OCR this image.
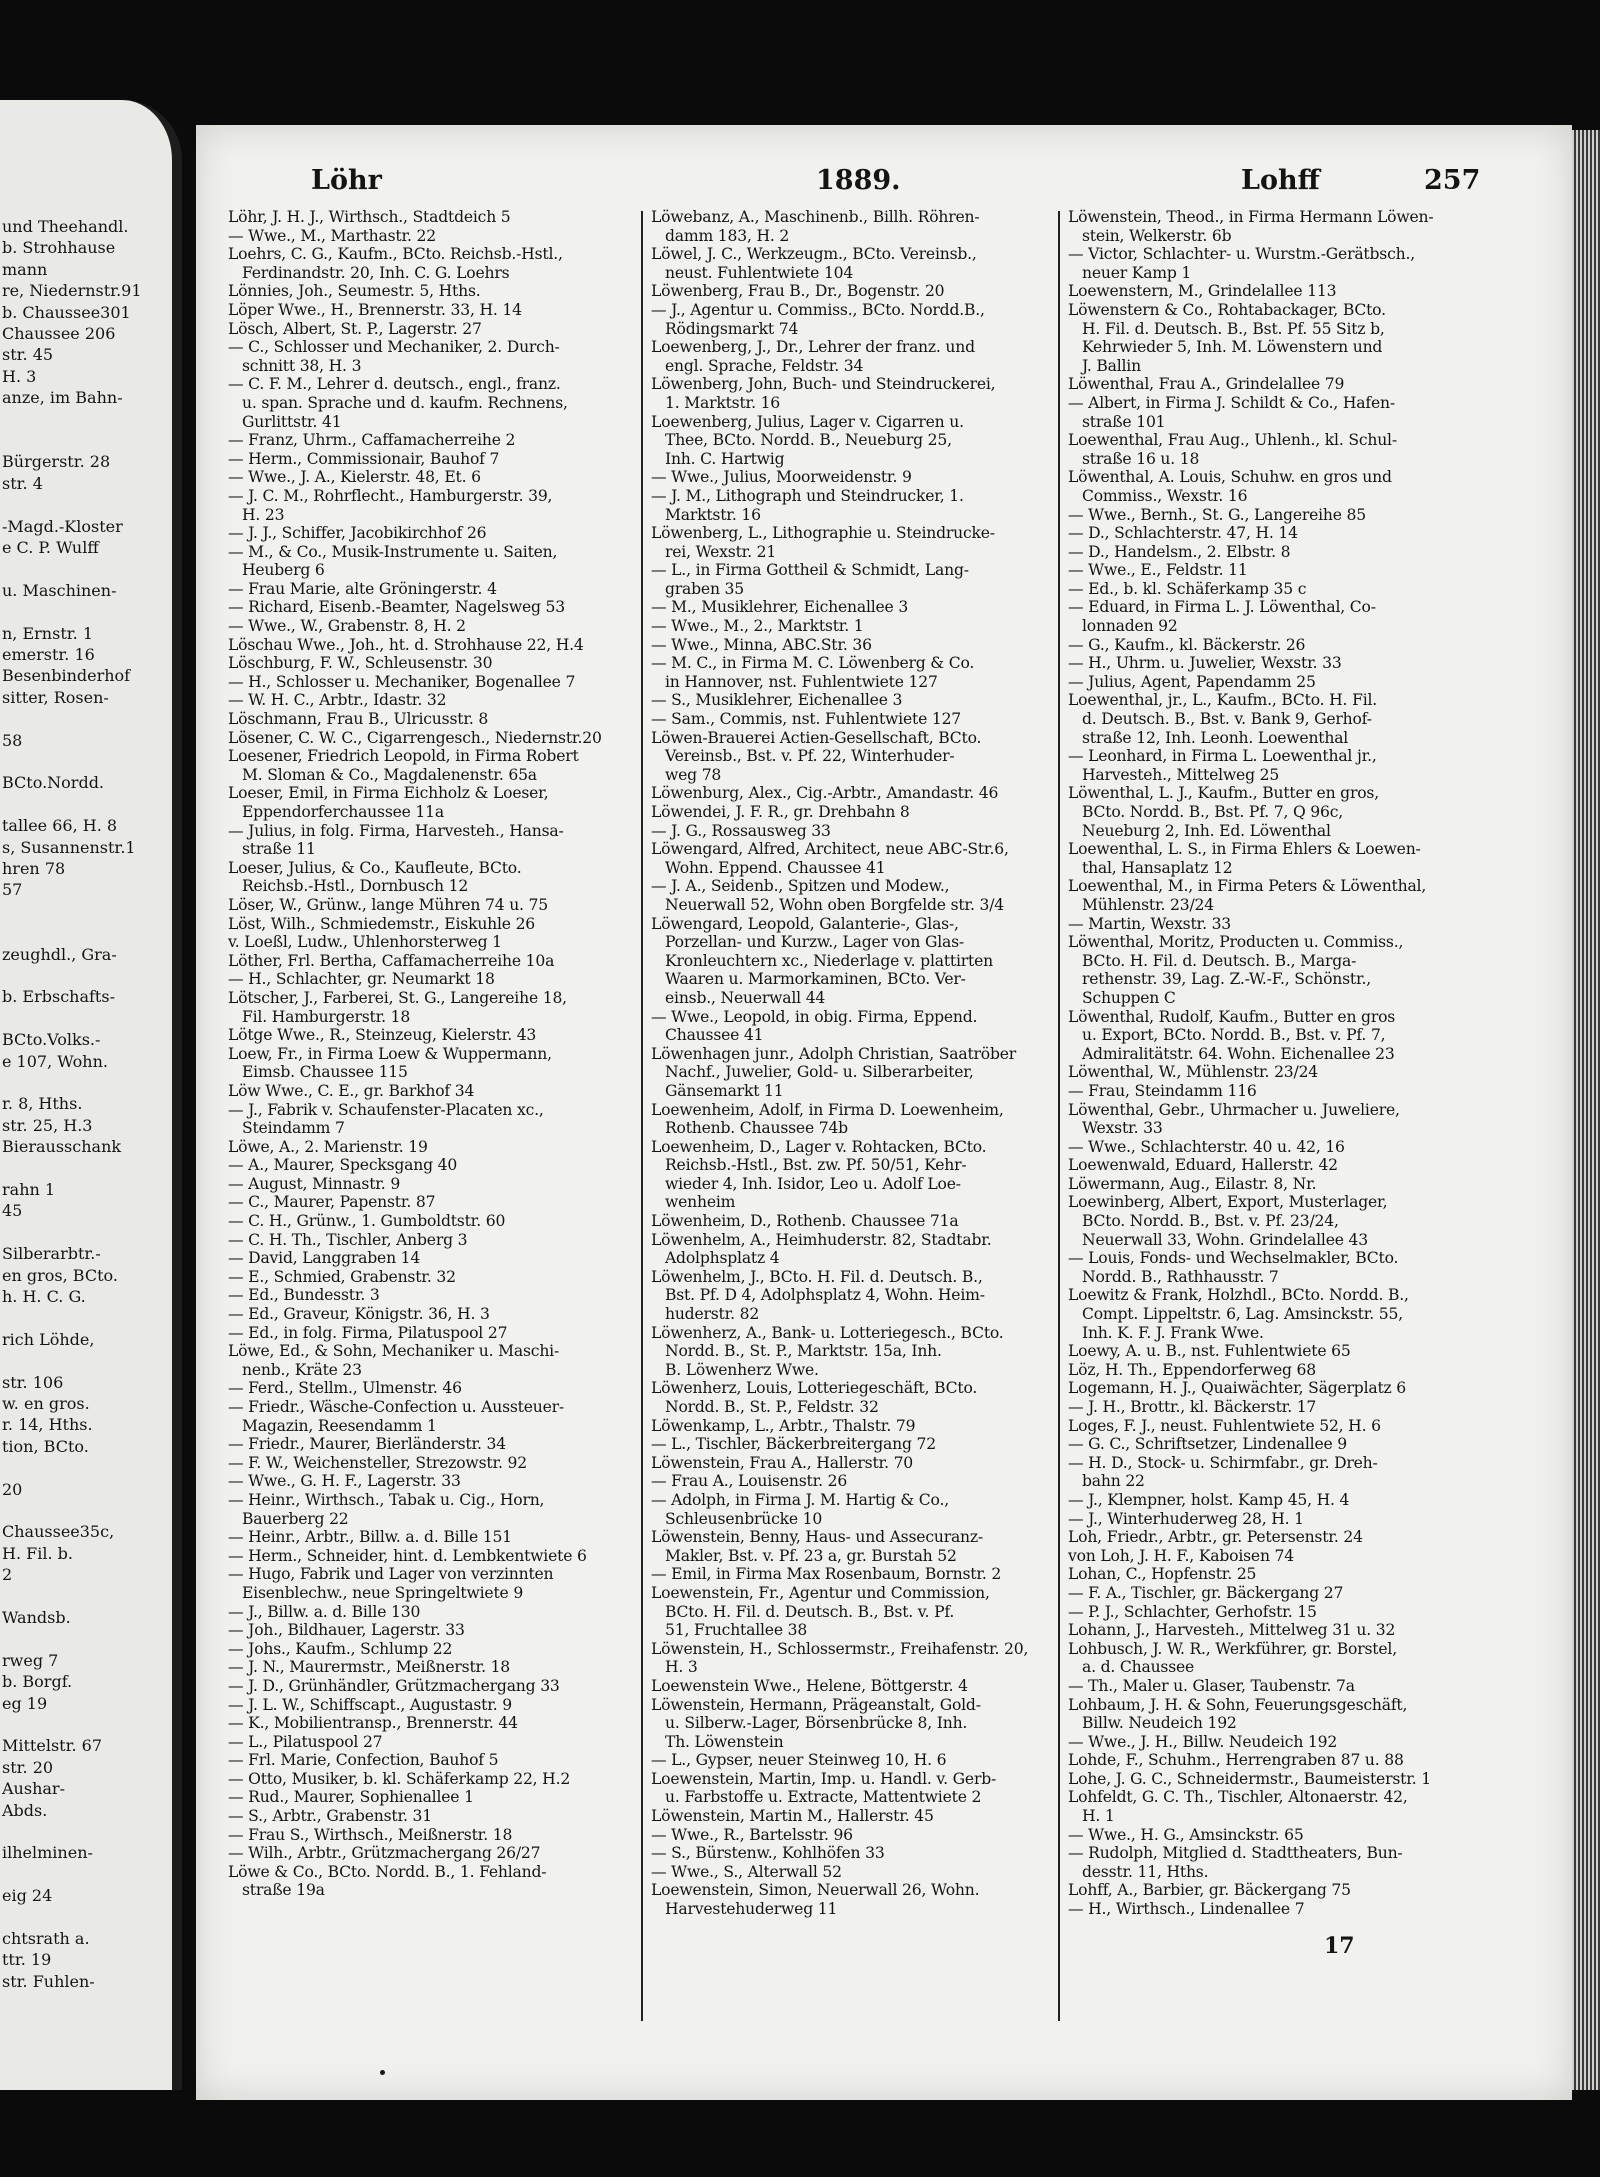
und Theehandl.
b. Strohhause
mann
re, Niedernstr.91
b. Chaussee301
Chaussee 206
str. 45
H. 3
anze, im Bahn-
Bürgerstr. 28
str. 4
-Magd.-Kloster
e C. P. Wulff
u. Maschinen-
n, Ernstr. 1
emerstr. 16
Besenbinderhof
sitter, Rosen-
58
BCto.Nordd.
tallee 66, H. 8
s, Susannenstr.1
hren 78
57
zeughdl., Gra-
b. Erbschafts-
BCto.Volks.-
e 107, Wohn.
r. 8, Hths.
str. 25, H.3
Bierausschank
rahn 1
45
Silberarbtr.-
en gros, BCto.
h. H. C. G.
rich Löhde,
str. 106
w. en gros.
r. 14, Hths.
tion, BCto.
20
Chaussee35c,
H. Fil. b.
2
Wandsb.
rweg 7
b. Borgf.
eg 19
Mittelstr. 67
str. 20
Aushar-
Abds.
ilhelminen-
eig 24
chtsrath a.
ttr. 19
str. Fuhlen-
Löhr	1889.	Lohff	257
Löhr, J. H. J., Wirthsch., Stadtdeich 5
— Wwe., M., Marthastr. 22
Loehrs, C. G., Kaufm., BCto. Reichsb.-Hstl.,
Ferdinandstr. 20, Inh. C. G. Loehrs
Lönnies, Joh., Seumestr. 5, Hths.
Löper Wwe., H., Brennerstr. 33, H. 14
Lösch, Albert, St. P., Lagerstr. 27
— C., Schlosser und Mechaniker, 2. Durch-
schnitt 38, H. 3
— C. F. M., Lehrer d. deutsch., engl., franz.
u. span. Sprache und d. kaufm. Rechnens,
Gurlittstr. 41
— Franz, Uhrm., Caffamacherreihe 2
— Herm., Commissionair, Bauhof 7
— Wwe., J. A., Kielerstr. 48, Et. 6
— J. C. M., Rohrflecht., Hamburgerstr. 39,
H. 23
— J. J., Schiffer, Jacobikirchhof 26
— M., & Co., Musik-Instrumente u. Saiten,
Heuberg 6
— Frau Marie, alte Gröningerstr. 4
— Richard, Eisenb.-Beamter, Nagelsweg 53
— Wwe., W., Grabenstr. 8, H. 2
Löschau Wwe., Joh., ht. d. Strohhause 22, H.4
Löschburg, F. W., Schleusenstr. 30
— H., Schlosser u. Mechaniker, Bogenallee 7
— W. H. C., Arbtr., Idastr. 32
Löschmann, Frau B., Ulricusstr. 8
Lösener, C. W. C., Cigarrengesch., Niedernstr.20
Loesener, Friedrich Leopold, in Firma Robert
M. Sloman & Co., Magdalenenstr. 65a
Loeser, Emil, in Firma Eichholz & Loeser,
Eppendorferchaussee 11a
— Julius, in folg. Firma, Harvesteh., Hansa-
straße 11
Loeser, Julius, & Co., Kaufleute, BCto.
Reichsb.-Hstl., Dornbusch 12
Löser, W., Grünw., lange Mühren 74 u. 75
Löst, Wilh., Schmiedemstr., Eiskuhle 26
v. Loeßl, Ludw., Uhlenhorsterweg 1
Löther, Frl. Bertha, Caffamacherreihe 10a
— H., Schlachter, gr. Neumarkt 18
Lötscher, J., Farberei, St. G., Langereihe 18,
Fil. Hamburgerstr. 18
Lötge Wwe., R., Steinzeug, Kielerstr. 43
Loew, Fr., in Firma Loew & Wuppermann,
Eimsb. Chaussee 115
Löw Wwe., C. E., gr. Barkhof 34
— J., Fabrik v. Schaufenster-Placaten xc.,
Steindamm 7
Löwe, A., 2. Marienstr. 19
— A., Maurer, Specksgang 40
— August, Minnastr. 9
— C., Maurer, Papenstr. 87
— C. H., Grünw., 1. Gumboldtstr. 60
— C. H. Th., Tischler, Anberg 3
— David, Langgraben 14
— E., Schmied, Grabenstr. 32
— Ed., Bundesstr. 3
— Ed., Graveur, Königstr. 36, H. 3
— Ed., in folg. Firma, Pilatuspool 27
Löwe, Ed., & Sohn, Mechaniker u. Maschi-
nenb., Kräte 23
— Ferd., Stellm., Ulmenstr. 46
— Friedr., Wäsche-Confection u. Aussteuer-
Magazin, Reesendamm 1
— Friedr., Maurer, Bierländerstr. 34
— F. W., Weichensteller, Strezowstr. 92
— Wwe., G. H. F., Lagerstr. 33
— Heinr., Wirthsch., Tabak u. Cig., Horn,
Bauerberg 22
— Heinr., Arbtr., Billw. a. d. Bille 151
— Herm., Schneider, hint. d. Lembkentwiete 6
— Hugo, Fabrik und Lager von verzinnten
Eisenblechw., neue Springeltwiete 9
— J., Billw. a. d. Bille 130
— Joh., Bildhauer, Lagerstr. 33
— Johs., Kaufm., Schlump 22
— J. N., Maurermstr., Meißnerstr. 18
— J. D., Grünhändler, Grützmachergang 33
— J. L. W., Schiffscapt., Augustastr. 9
— K., Mobilientransp., Brennerstr. 44
— L., Pilatuspool 27
— Frl. Marie, Confection, Bauhof 5
— Otto, Musiker, b. kl. Schäferkamp 22, H.2
— Rud., Maurer, Sophienallee 1
— S., Arbtr., Grabenstr. 31
— Frau S., Wirthsch., Meißnerstr. 18
— Wilh., Arbtr., Grützmachergang 26/27
Löwe & Co., BCto. Nordd. B., 1. Fehland-
straße 19a
Löwebanz, A., Maschinenb., Billh. Röhren-
damm 183, H. 2
Löwel, J. C., Werkzeugm., BCto. Vereinsb.,
neust. Fuhlentwiete 104
Löwenberg, Frau B., Dr., Bogenstr. 20
— J., Agentur u. Commiss., BCto. Nordd.B.,
Rödingsmarkt 74
Loewenberg, J., Dr., Lehrer der franz. und
engl. Sprache, Feldstr. 34
Löwenberg, John, Buch- und Steindruckerei,
1. Marktstr. 16
Loewenberg, Julius, Lager v. Cigarren u.
Thee, BCto. Nordd. B., Neueburg 25,
Inh. C. Hartwig
— Wwe., Julius, Moorweidenstr. 9
— J. M., Lithograph und Steindrucker, 1.
Marktstr. 16
Löwenberg, L., Lithographie u. Steindrucke-
rei, Wexstr. 21
— L., in Firma Gottheil & Schmidt, Lang-
graben 35
— M., Musiklehrer, Eichenallee 3
— Wwe., M., 2., Marktstr. 1
— Wwe., Minna, ABC.Str. 36
— M. C., in Firma M. C. Löwenberg & Co.
in Hannover, nst. Fuhlentwiete 127
— S., Musiklehrer, Eichenallee 3
— Sam., Commis, nst. Fuhlentwiete 127
Löwen-Brauerei Actien-Gesellschaft, BCto.
Vereinsb., Bst. v. Pf. 22, Winterhuder-
weg 78
Löwenburg, Alex., Cig.-Arbtr., Amandastr. 46
Löwendei, J. F. R., gr. Drehbahn 8
— J. G., Rossausweg 33
Löwengard, Alfred, Architect, neue ABC-Str.6,
Wohn. Eppend. Chaussee 41
— J. A., Seidenb., Spitzen und Modew.,
Neuerwall 52, Wohn oben Borgfelde str. 3/4
Löwengard, Leopold, Galanterie-, Glas-,
Porzellan- und Kurzw., Lager von Glas-
Kronleuchtern xc., Niederlage v. plattirten
Waaren u. Marmorkaminen, BCto. Ver-
einsb., Neuerwall 44
— Wwe., Leopold, in obig. Firma, Eppend.
Chaussee 41
Löwenhagen junr., Adolph Christian, Saatröber
Nachf., Juwelier, Gold- u. Silberarbeiter,
Gänsemarkt 11
Loewenheim, Adolf, in Firma D. Loewenheim,
Rothenb. Chaussee 74b
Loewenheim, D., Lager v. Rohtacken, BCto.
Reichsb.-Hstl., Bst. zw. Pf. 50/51, Kehr-
wieder 4, Inh. Isidor, Leo u. Adolf Loe-
wenheim
Löwenheim, D., Rothenb. Chaussee 71a
Löwenhelm, A., Heimhuderstr. 82, Stadtabr.
Adolphsplatz 4
Löwenhelm, J., BCto. H. Fil. d. Deutsch. B.,
Bst. Pf. D 4, Adolphsplatz 4, Wohn. Heim-
huderstr. 82
Löwenherz, A., Bank- u. Lotteriegesch., BCto.
Nordd. B., St. P., Marktstr. 15a, Inh.
B. Löwenherz Wwe.
Löwenherz, Louis, Lotteriegeschäft, BCto.
Nordd. B., St. P., Feldstr. 32
Löwenkamp, L., Arbtr., Thalstr. 79
— L., Tischler, Bäckerbreitergang 72
Löwenstein, Frau A., Hallerstr. 70
— Frau A., Louisenstr. 26
— Adolph, in Firma J. M. Hartig & Co.,
Schleusenbrücke 10
Löwenstein, Benny, Haus- und Assecuranz-
Makler, Bst. v. Pf. 23 a, gr. Burstah 52
— Emil, in Firma Max Rosenbaum, Bornstr. 2
Loewenstein, Fr., Agentur und Commission,
BCto. H. Fil. d. Deutsch. B., Bst. v. Pf.
51, Fruchtallee 38
Löwenstein, H., Schlossermstr., Freihafenstr. 20,
H. 3
Loewenstein Wwe., Helene, Böttgerstr. 4
Löwenstein, Hermann, Prägeanstalt, Gold-
u. Silberw.-Lager, Börsenbrücke 8, Inh.
Th. Löwenstein
— L., Gypser, neuer Steinweg 10, H. 6
Loewenstein, Martin, Imp. u. Handl. v. Gerb-
u. Farbstoffe u. Extracte, Mattentwiete 2
Löwenstein, Martin M., Hallerstr. 45
— Wwe., R., Bartelsstr. 96
— S., Bürstenw., Kohlhöfen 33
— Wwe., S., Alterwall 52
Loewenstein, Simon, Neuerwall 26, Wohn.
Harvestehuderweg 11
Löwenstein, Theod., in Firma Hermann Löwen-
stein, Welkerstr. 6b
— Victor, Schlachter- u. Wurstm.-Gerätbsch.,
neuer Kamp 1
Loewenstern, M., Grindelallee 113
Löwenstern & Co., Rohtabackager, BCto.
H. Fil. d. Deutsch. B., Bst. Pf. 55 Sitz b,
Kehrwieder 5, Inh. M. Löwenstern und
J. Ballin
Löwenthal, Frau A., Grindelallee 79
— Albert, in Firma J. Schildt & Co., Hafen-
straße 101
Loewenthal, Frau Aug., Uhlenh., kl. Schul-
straße 16 u. 18
Löwenthal, A. Louis, Schuhw. en gros und
Commiss., Wexstr. 16
— Wwe., Bernh., St. G., Langereihe 85
— D., Schlachterstr. 47, H. 14
— D., Handelsm., 2. Elbstr. 8
— Wwe., E., Feldstr. 11
— Ed., b. kl. Schäferkamp 35 c
— Eduard, in Firma L. J. Löwenthal, Co-
lonnaden 92
— G., Kaufm., kl. Bäckerstr. 26
— H., Uhrm. u. Juwelier, Wexstr. 33
— Julius, Agent, Papendamm 25
Loewenthal, jr., L., Kaufm., BCto. H. Fil.
d. Deutsch. B., Bst. v. Bank 9, Gerhof-
straße 12, Inh. Leonh. Loewenthal
— Leonhard, in Firma L. Loewenthal jr.,
Harvesteh., Mittelweg 25
Löwenthal, L. J., Kaufm., Butter en gros,
BCto. Nordd. B., Bst. Pf. 7, Q 96c,
Neueburg 2, Inh. Ed. Löwenthal
Loewenthal, L. S., in Firma Ehlers & Loewen-
thal, Hansaplatz 12
Loewenthal, M., in Firma Peters & Löwenthal,
Mühlenstr. 23/24
— Martin, Wexstr. 33
Löwenthal, Moritz, Producten u. Commiss.,
BCto. H. Fil. d. Deutsch. B., Marga-
rethenstr. 39, Lag. Z.-W.-F., Schönstr.,
Schuppen C
Löwenthal, Rudolf, Kaufm., Butter en gros
u. Export, BCto. Nordd. B., Bst. v. Pf. 7,
Admiralitätstr. 64. Wohn. Eichenallee 23
Löwenthal, W., Mühlenstr. 23/24
— Frau, Steindamm 116
Löwenthal, Gebr., Uhrmacher u. Juweliere,
Wexstr. 33
— Wwe., Schlachterstr. 40 u. 42, 16
Loewenwald, Eduard, Hallerstr. 42
Löwermann, Aug., Eilastr. 8, Nr.
Loewinberg, Albert, Export, Musterlager,
BCto. Nordd. B., Bst. v. Pf. 23/24,
Neuerwall 33, Wohn. Grindelallee 43
— Louis, Fonds- und Wechselmakler, BCto.
Nordd. B., Rathhausstr. 7
Loewitz & Frank, Holzhdl., BCto. Nordd. B.,
Compt. Lippeltstr. 6, Lag. Amsinckstr. 55,
Inh. K. F. J. Frank Wwe.
Loewy, A. u. B., nst. Fuhlentwiete 65
Löz, H. Th., Eppendorferweg 68
Logemann, H. J., Quaiwächter, Sägerplatz 6
— J. H., Brottr., kl. Bäckerstr. 17
Loges, F. J., neust. Fuhlentwiete 52, H. 6
— G. C., Schriftsetzer, Lindenallee 9
— H. D., Stock- u. Schirmfabr., gr. Dreh-
bahn 22
— J., Klempner, holst. Kamp 45, H. 4
— J., Winterhuderweg 28, H. 1
Loh, Friedr., Arbtr., gr. Petersenstr. 24
von Loh, J. H. F., Kaboisen 74
Lohan, C., Hopfenstr. 25
— F. A., Tischler, gr. Bäckergang 27
— P. J., Schlachter, Gerhofstr. 15
Lohann, J., Harvesteh., Mittelweg 31 u. 32
Lohbusch, J. W. R., Werkführer, gr. Borstel,
a. d. Chaussee
— Th., Maler u. Glaser, Taubenstr. 7a
Lohbaum, J. H. & Sohn, Feuerungsgeschäft,
Billw. Neudeich 192
— Wwe., J. H., Billw. Neudeich 192
Lohde, F., Schuhm., Herrengraben 87 u. 88
Lohe, J. G. C., Schneidermstr., Baumeisterstr. 1
Lohfeldt, G. C. Th., Tischler, Altonaerstr. 42,
H. 1
— Wwe., H. G., Amsinckstr. 65
— Rudolph, Mitglied d. Stadttheaters, Bun-
desstr. 11, Hths.
Lohff, A., Barbier, gr. Bäckergang 75
— H., Wirthsch., Lindenallee 7
17
